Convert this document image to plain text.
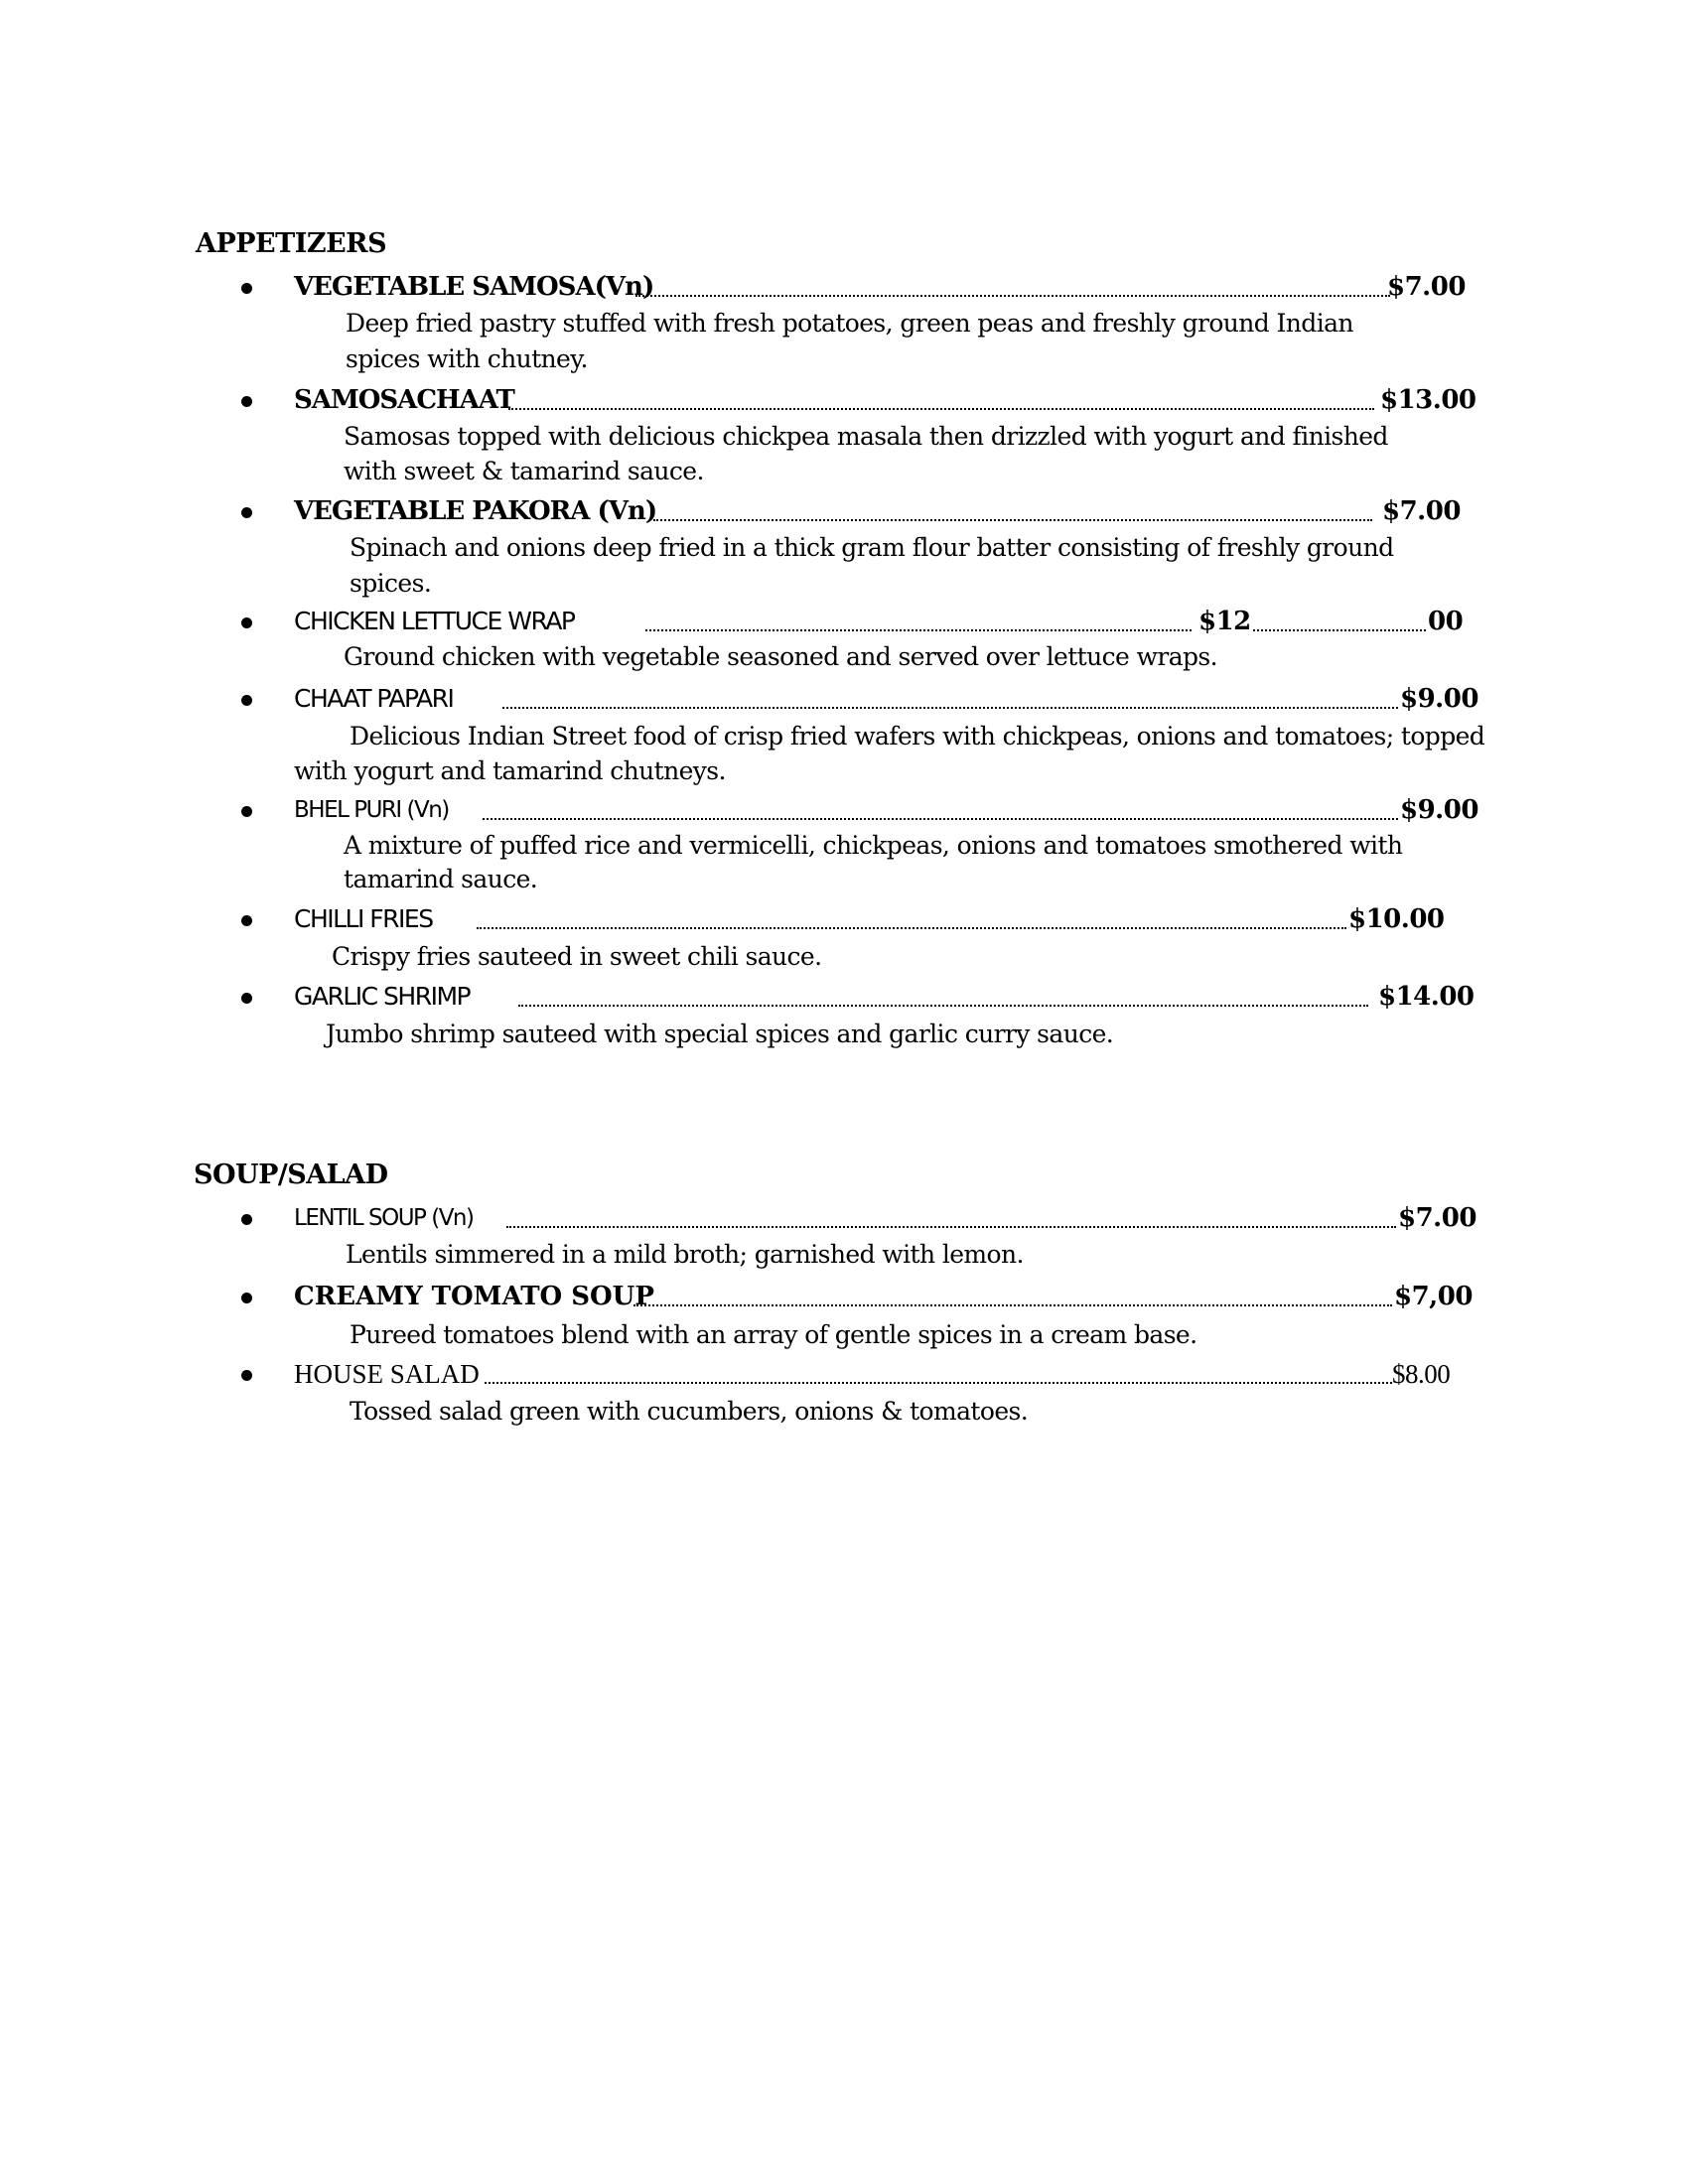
APPETIZERS
VEGETABLE SAMOSA(Vn)	$7.00
Deep fried pastry stuffed with fresh potatoes, green peas and freshly ground Indian
spices with chutney.
SAMOSACHAAT	$13.00
Samosas topped with delicious chickpea masala then drizzled with yogurt and finished
with sweet & tamarind sauce.
VEGETABLE PAKORA (Vn)	$7.00
Spinach and onions deep fried in a thick gram flour batter consisting of freshly ground
spices.
CHICKEN LETTUCE WRAP	$12	00
Ground chicken with vegetable seasoned and served over lettuce wraps.
CHAAT PAPARI	$9.00
Delicious Indian Street food of crisp fried wafers with chickpeas, onions and tomatoes; topped
with yogurt and tamarind chutneys.
BHEL PURI (Vn)	$9.00
A mixture of puffed rice and vermicelli, chickpeas, onions and tomatoes smothered with
tamarind sauce.
CHILLI FRIES	$10.00
Crispy fries sauteed in sweet chili sauce.
GARLIC SHRIMP	$14.00
Jumbo shrimp sauteed with special spices and garlic curry sauce.
SOUP/SALAD
LENTIL SOUP (Vn)	$7.00
Lentils simmered in a mild broth; garnished with lemon.
CREAMY TOMATO SOUP	$7,00
Pureed tomatoes blend with an array of gentle spices in a cream base.
HOUSE SALAD	$8.00
Tossed salad green with cucumbers, onions & tomatoes.
